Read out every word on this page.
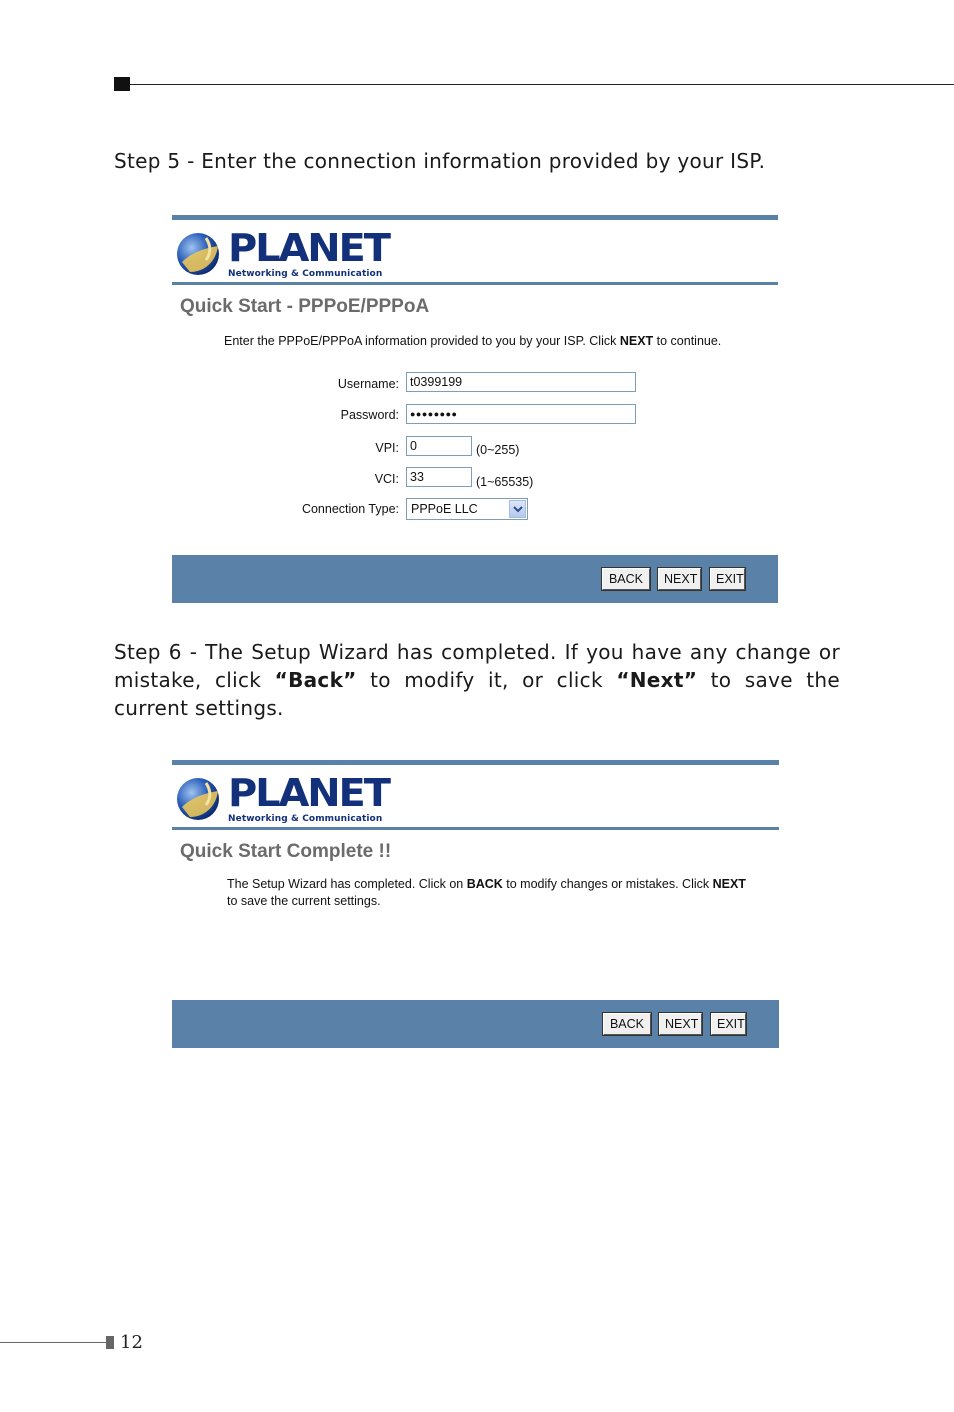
Step 5 - Enter the connection information provided by your ISP.
PLANET
Networking & Communication
Quick Start - PPPoE/PPPoA
Enter the PPPoE/PPPoA information provided to you by your ISP. Click NEXT to continue.
Username: t0399199
Password:	●●●●●●●●
VPI: 0	(0~255)
VCI: 33	(1~65535)
Connection Type: PPPoE LLC
BACK	NEXT	EXIT
Step 6 - The Setup Wizard has completed. If you have any change or mistake, click “Back” to modify it, or click “Next” to save the current settings.
PLANET
Networking & Communication
Quick Start Complete !!
The Setup Wizard has completed. Click on BACK to modify changes or mistakes. Click NEXT
to save the current settings.
BACK	NEXT	EXIT
12
